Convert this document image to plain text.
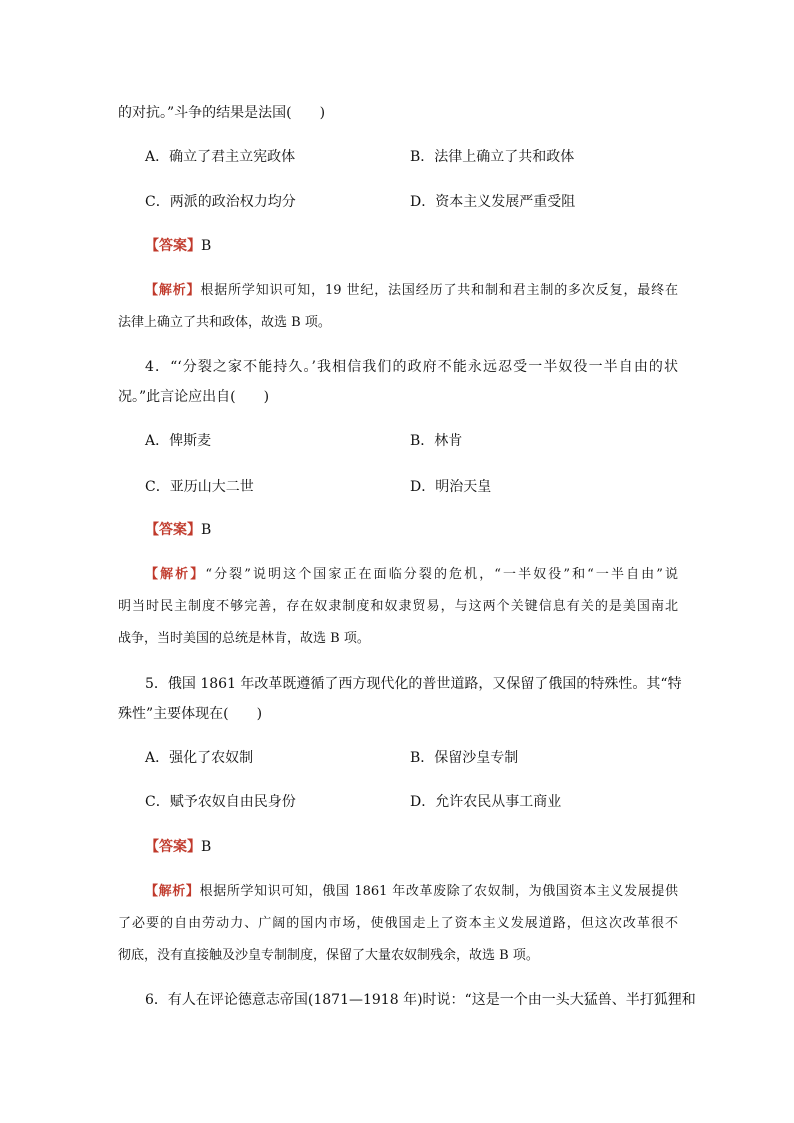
的对抗。”斗争的结果是法国(　　)
A．确立了君主立宪政体	B．法律上确立了共和政体
C．两派的政治权力均分	D．资本主义发展严重受阻
【答案】B
【解析】根据所学知识可知，19 世纪，法国经历了共和制和君主制的多次反复，最终在
法律上确立了共和政体，故选 B 项。
4．“‘分裂之家不能持久。’我相信我们的政府不能永远忍受一半奴役一半自由的状
况。”此言论应出自(　　)
A．俾斯麦	B．林肯
C．亚历山大二世	D．明治天皇
【答案】B
【解析】“分裂”说明这个国家正在面临分裂的危机，“一半奴役”和“一半自由”说
明当时民主制度不够完善，存在奴隶制度和奴隶贸易，与这两个关键信息有关的是美国南北
战争，当时美国的总统是林肯，故选 B 项。
5．俄国 1861 年改革既遵循了西方现代化的普世道路，又保留了俄国的特殊性。其“特
殊性”主要体现在(　　)
A．强化了农奴制	B．保留沙皇专制
C．赋予农奴自由民身份	D．允许农民从事工商业
【答案】B
【解析】根据所学知识可知，俄国 1861 年改革废除了农奴制，为俄国资本主义发展提供
了必要的自由劳动力、广阔的国内市场，使俄国走上了资本主义发展道路，但这次改革很不
彻底，没有直接触及沙皇专制制度，保留了大量农奴制残余，故选 B 项。
6．有人在评论德意志帝国(1871—1918 年)时说：“这是一个由一头大猛兽、半打狐狸和
